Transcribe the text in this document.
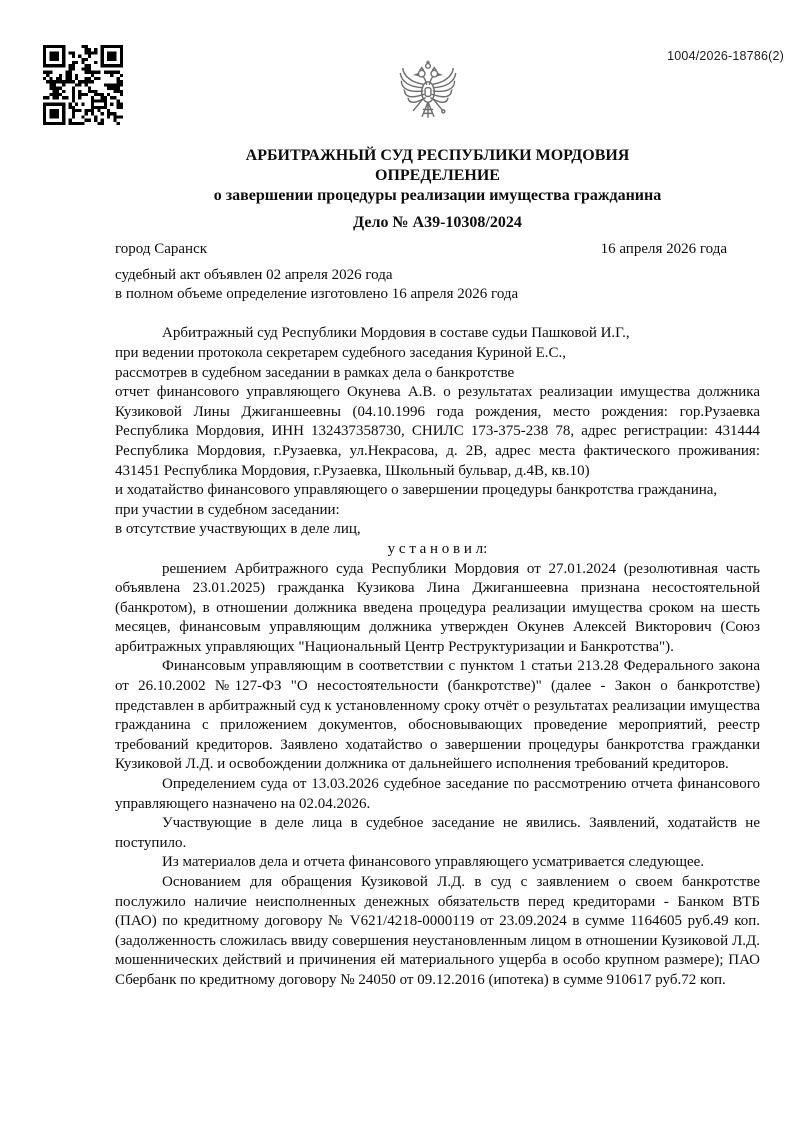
1004/2026-18786(2)
АРБИТРАЖНЫЙ СУД РЕСПУБЛИКИ МОРДОВИЯ
ОПРЕДЕЛЕНИЕ
о завершении процедуры реализации имущества гражданина
Дело № А39-10308/2024
город Саранск	16 апреля 2026 года

судебный акт объявлен 02 апреля 2026 года

в полном объеме определение изготовлено 16 апреля 2026 года

Арбитражный суд Республики Мордовия в составе судьи Пашковой И.Г.,

при ведении протокола секретарем судебного заседания Куриной Е.С.,

рассмотрев в судебном заседании в рамках дела о банкротстве

отчет финансового управляющего Окунева А.В. о результатах реализации имущества должника Кузиковой Лины Джиганшеевны (04.10.1996 года рождения, место рождения: гор.Рузаевка Республика Мордовия, ИНН 132437358730, СНИЛС 173-375-238 78, адрес регистрации: 431444 Республика Мордовия, г.Рузаевка, ул.Некрасова, д. 2В, адрес места фактического проживания: 431451 Республика Мордовия, г.Рузаевка, Школьный бульвар, д.4В, кв.10)

и ходатайство финансового управляющего о завершении процедуры банкротства гражданина,

при участии в судебном заседании:

в отсутствие участвующих в деле лиц,

у с т а н о в и л:

решением Арбитражного суда Республики Мордовия от 27.01.2024 (резолютивная часть объявлена 23.01.2025) гражданка Кузикова Лина Джиганшеевна признана несостоятельной (банкротом), в отношении должника введена процедура реализации имущества сроком на шесть месяцев, финансовым управляющим должника утвержден Окунев Алексей Викторович (Союз арбитражных управляющих "Национальный Центр Реструктуризации и Банкротства").

Финансовым управляющим в соответствии с пунктом 1 статьи 213.28 Федерального закона от 26.10.2002 №127-ФЗ "О несостоятельности (банкротстве)" (далее - Закон о банкротстве) представлен в арбитражный суд к установленному сроку отчёт о результатах реализации имущества гражданина с приложением документов, обосновывающих проведение мероприятий, реестр требований кредиторов. Заявлено ходатайство о завершении процедуры банкротства гражданки Кузиковой Л.Д. и освобождении должника от дальнейшего исполнения требований кредиторов.

Определением суда от 13.03.2026 судебное заседание по рассмотрению отчета финансового управляющего назначено на 02.04.2026.

Участвующие в деле лица в судебное заседание не явились. Заявлений, ходатайств не поступило.

Из материалов дела и отчета финансового управляющего усматривается следующее.

Основанием для обращения Кузиковой Л.Д. в суд с заявлением о своем банкротстве послужило наличие неисполненных денежных обязательств перед кредиторами - Банком ВТБ (ПАО) по кредитному договору № V621/4218-0000119 от 23.09.2024 в сумме 1164605 руб.49 коп. (задолженность сложилась ввиду совершения неустановленным лицом в отношении Кузиковой Л.Д. мошеннических действий и причинения ей материального ущерба в особо крупном размере); ПАО Сбербанк по кредитному договору № 24050 от 09.12.2016 (ипотека) в сумме 910617 руб.72 коп.
